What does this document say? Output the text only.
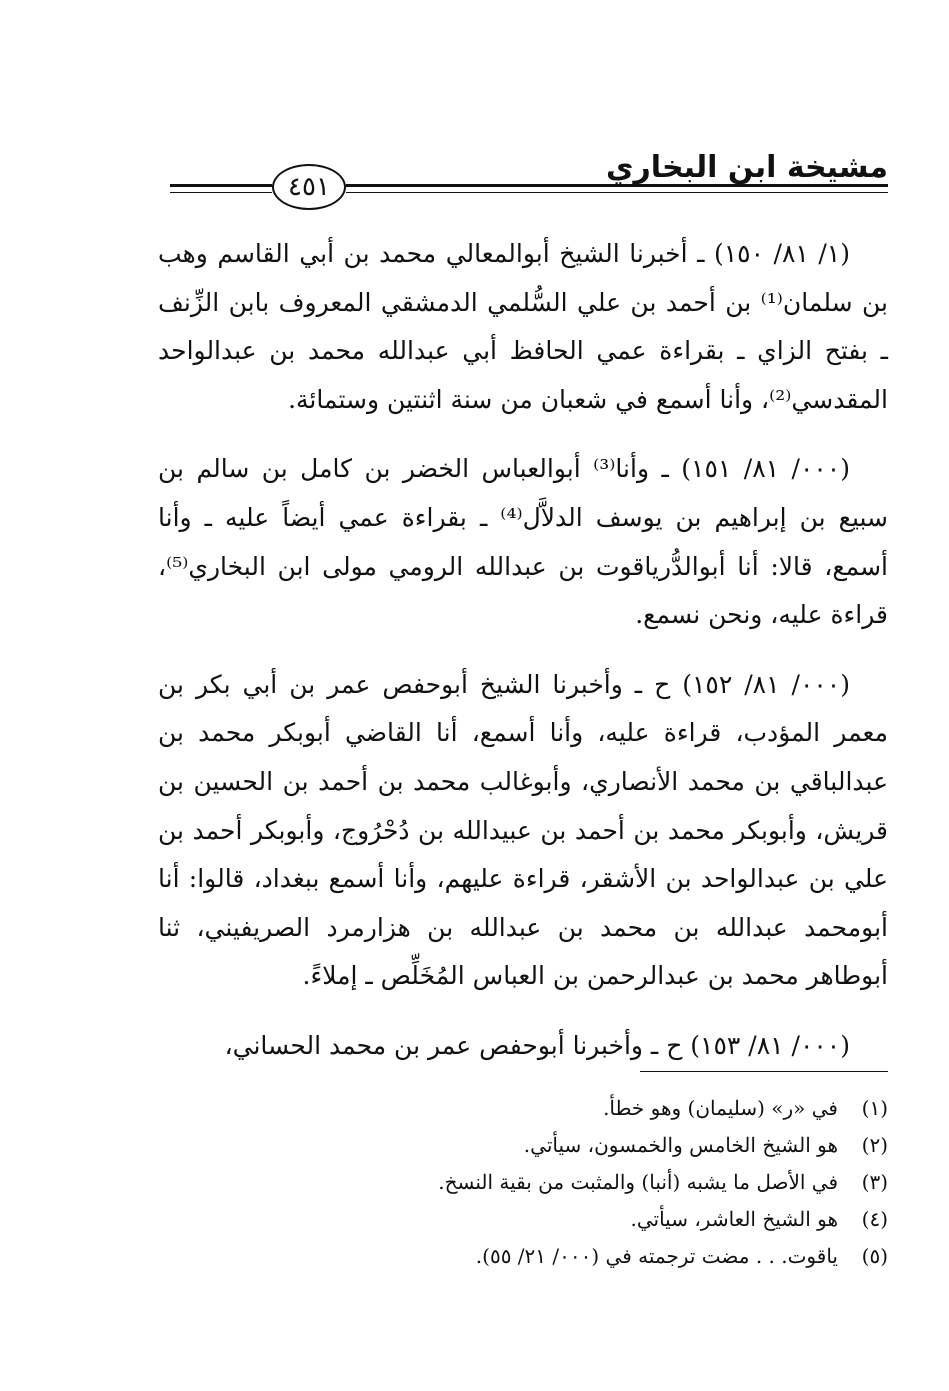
مشيخة ابن البخاري
٤٥١

(١/ ٨١/ ١٥٠) ـ أخبرنا الشيخ أبوالمعالي محمد بن أبي القاسم وهب بن سلمان⁽¹⁾ بن أحمد بن علي السُّلمي الدمشقي المعروف بابن الزِّنف ـ بفتح الزاي ـ بقراءة عمي الحافظ أبي عبدالله محمد بن عبدالواحد المقدسي⁽²⁾، وأنا أسمع في شعبان من سنة اثنتين وستمائة.

(٠٠٠/ ٨١/ ١٥١) ـ وأنا⁽³⁾ أبوالعباس الخضر بن كامل بن سالم بن سبيع بن إبراهيم بن يوسف الدلاَّل⁽⁴⁾ ـ بقراءة عمي أيضاً عليه ـ وأنا أسمع، قالا: أنا أبوالدُّرياقوت بن عبدالله الرومي مولى ابن البخاري⁽⁵⁾، قراءة عليه، ونحن نسمع.

(٠٠٠/ ٨١/ ١٥٢) ح ـ وأخبرنا الشيخ أبوحفص عمر بن أبي بكر بن معمر المؤدب، قراءة عليه، وأنا أسمع، أنا القاضي أبوبكر محمد بن عبدالباقي بن محمد الأنصاري، وأبوغالب محمد بن أحمد بن الحسين بن قريش، وأبوبكر محمد بن أحمد بن عبيدالله بن دُحْرُوج، وأبوبكر أحمد بن علي بن عبدالواحد بن الأشقر، قراءة عليهم، وأنا أسمع ببغداد، قالوا: أنا أبومحمد عبدالله بن محمد بن عبدالله بن هزارمرد الصريفيني، ثنا أبوطاهر محمد بن عبدالرحمن بن العباس المُخَلِّص ـ إملاءً.

(٠٠٠/ ٨١/ ١٥٣) ح ـ وأخبرنا أبوحفص عمر بن محمد الحساني،

(١)
في «ر» (سليمان) وهو خطأ.
(٢)
هو الشيخ الخامس والخمسون، سيأتي.
(٣)
في الأصل ما يشبه (أنبا) والمثبت من بقية النسخ.
(٤)
هو الشيخ العاشر، سيأتي.
(٥)
ياقوت. . . مضت ترجمته في (٠٠٠/ ٢١/ ٥٥).
